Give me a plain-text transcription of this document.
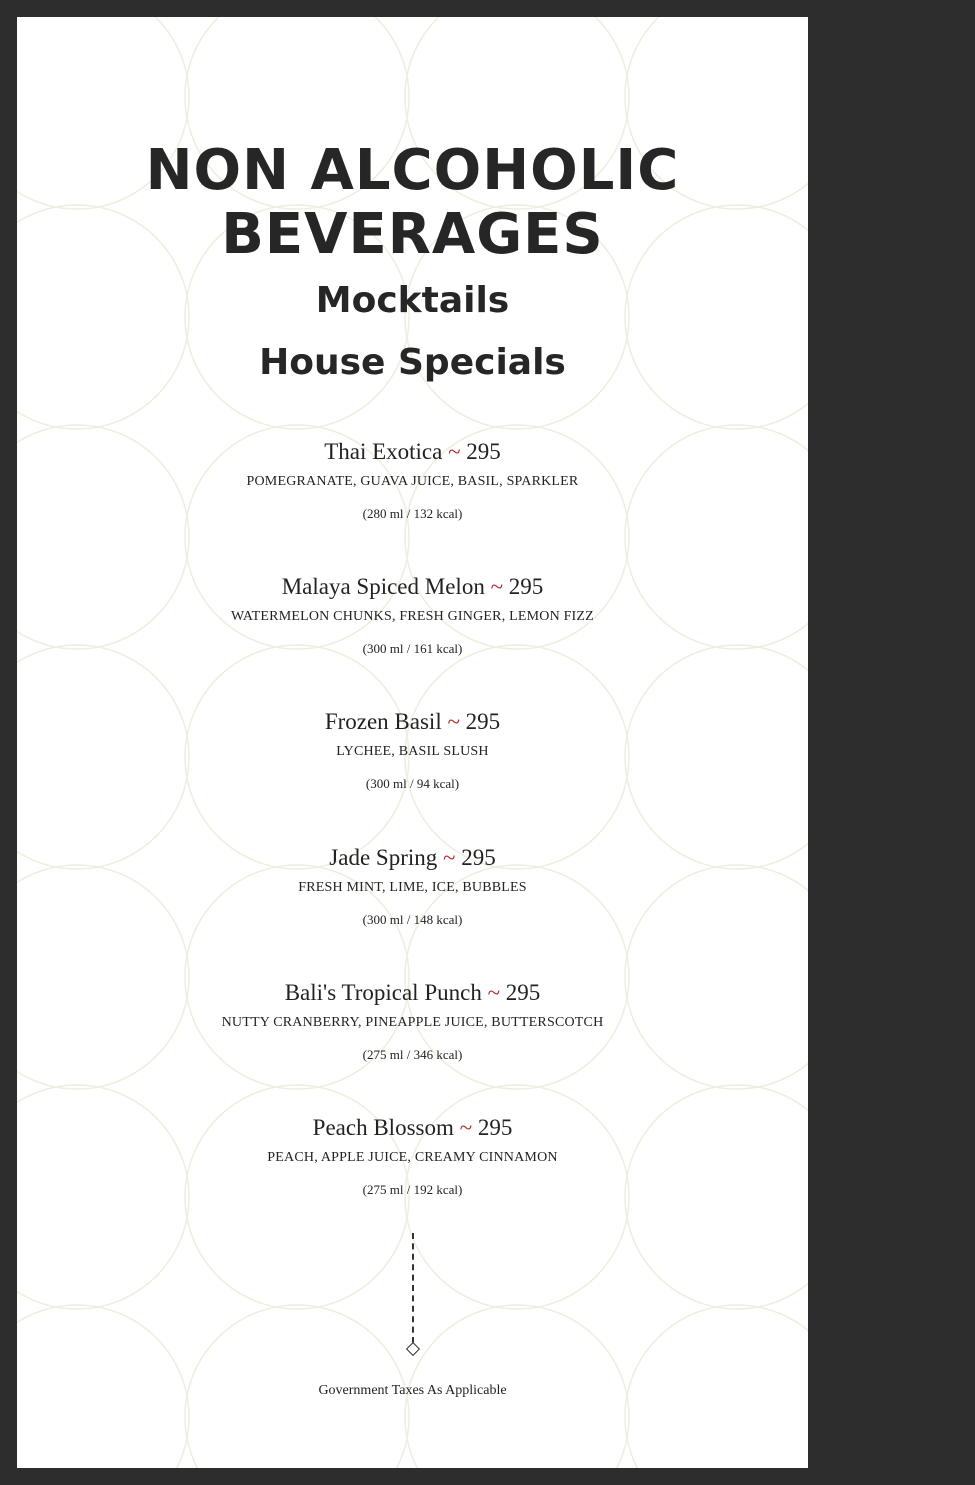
NON ALCOHOLIC
BEVERAGES
Mocktails
House Specials

Thai Exotica ~ 295

POMEGRANATE, GUAVA JUICE, BASIL, SPARKLER

(280 ml / 132 kcal)

Malaya Spiced Melon ~ 295

WATERMELON CHUNKS, FRESH GINGER, LEMON FIZZ

(300 ml / 161 kcal)

Frozen Basil ~ 295

LYCHEE, BASIL SLUSH

(300 ml / 94 kcal)

Jade Spring ~ 295

FRESH MINT, LIME, ICE, BUBBLES

(300 ml / 148 kcal)

Bali's Tropical Punch ~ 295

NUTTY CRANBERRY, PINEAPPLE JUICE, BUTTERSCOTCH

(275 ml / 346 kcal)

Peach Blossom ~ 295

PEACH, APPLE JUICE, CREAMY CINNAMON

(275 ml / 192 kcal)

Government Taxes As Applicable
